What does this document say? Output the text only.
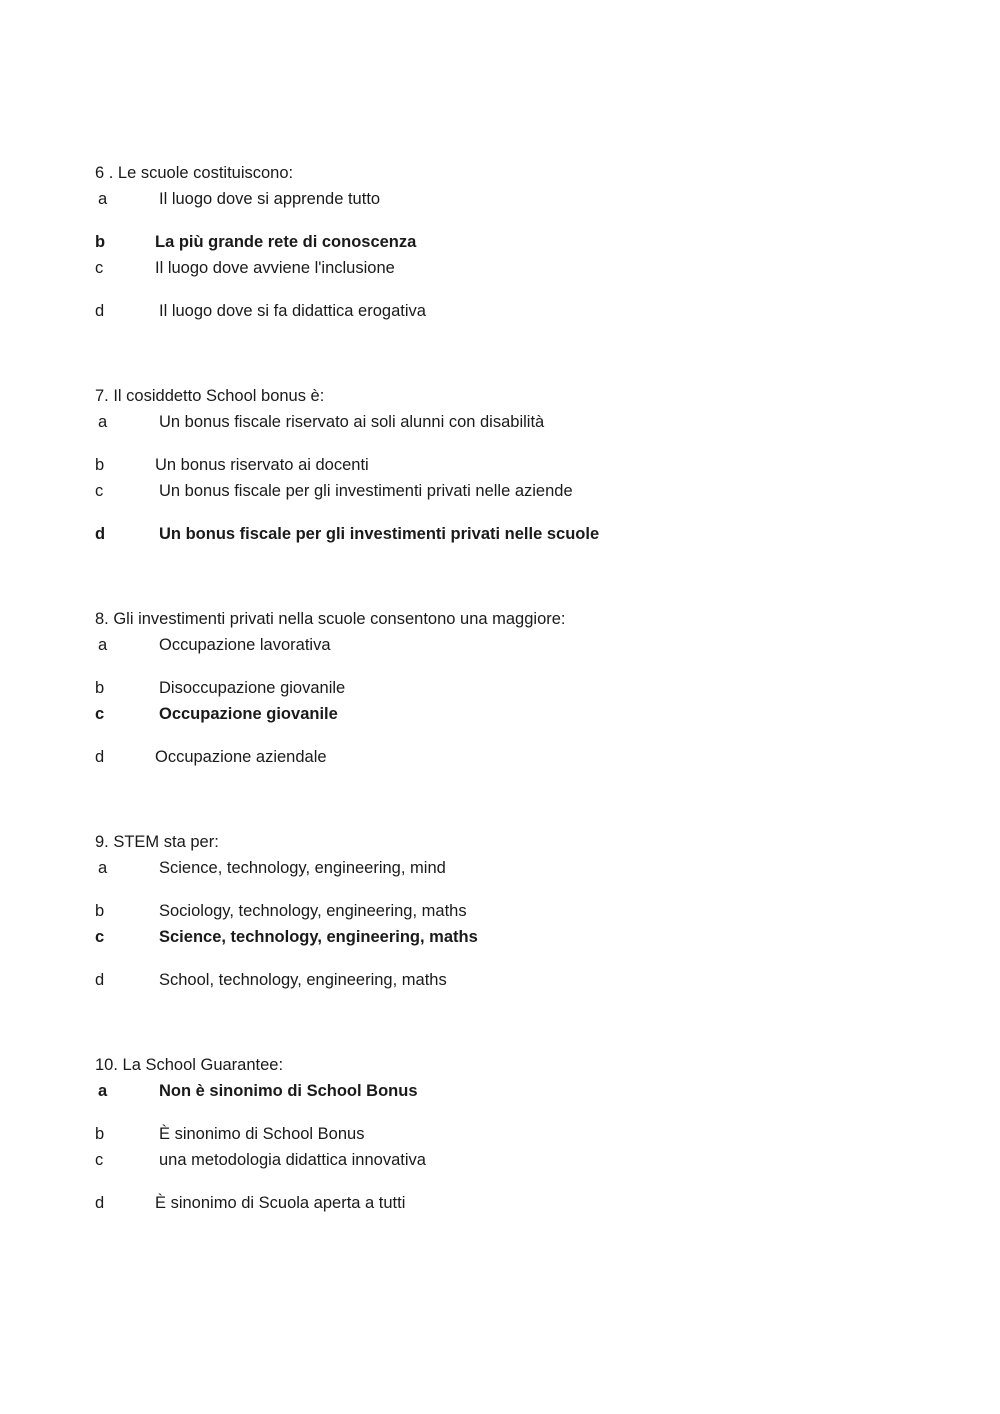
6 . Le scuole costituiscono:
a	Il luogo dove si apprende tutto
b	La più grande rete di conoscenza
c	Il luogo dove avviene l'inclusione
d	Il luogo dove si fa didattica erogativa
7. Il cosiddetto School bonus è:
a	Un bonus fiscale riservato ai soli alunni con disabilità
b	Un bonus riservato ai docenti
c	Un bonus fiscale per gli investimenti privati nelle aziende
d	Un bonus fiscale per gli investimenti privati nelle scuole
8. Gli investimenti privati nella scuole consentono una maggiore:
a	Occupazione lavorativa
b	Disoccupazione giovanile
c	Occupazione giovanile
d	Occupazione aziendale
9. STEM sta per:
a	Science, technology, engineering, mind
b	Sociology, technology, engineering, maths
c	Science, technology, engineering, maths
d	School, technology, engineering, maths
10. La School Guarantee:
a	Non è sinonimo di School Bonus
b	È sinonimo di School Bonus
c	una metodologia didattica innovativa
d	È sinonimo di Scuola aperta a tutti
